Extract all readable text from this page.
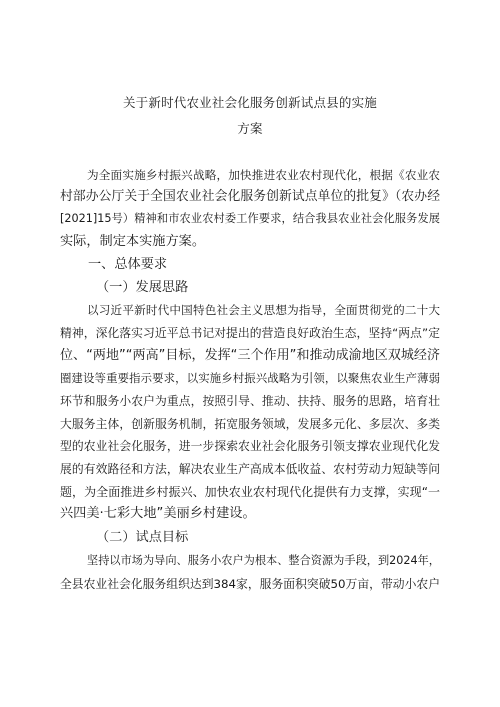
关于新时代农业社会化服务创新试点县的实施
方案
为全面实施乡村振兴战略，加快推进农业农村现代化，根据《农业农
村部办公厅关于全国农业社会化服务创新试点单位的批复》（农办经
[2021]15号）精神和市农业农村委工作要求，结合我县农业社会化服务发展
实际，制定本实施方案。
一、总体要求
（一）发展思路
以习近平新时代中国特色社会主义思想为指导，全面贯彻党的二十大
精神，深化落实习近平总书记对提出的营造良好政治生态，坚持“两点”定
位、“两地”“两高”目标，发挥“三个作用”和推动成渝地区双城经济
圈建设等重要指示要求，以实施乡村振兴战略为引领，以聚焦农业生产薄弱
环节和服务小农户为重点，按照引导、推动、扶持、服务的思路，培育壮
大服务主体，创新服务机制，拓宽服务领域，发展多元化、多层次、多类
型的农业社会化服务，进一步探索农业社会化服务引领支撑农业现代化发
展的有效路径和方法，解决农业生产高成本低收益、农村劳动力短缺等问
题，为全面推进乡村振兴、加快农业农村现代化提供有力支撑，实现“一
兴四美·七彩大地”美丽乡村建设。
（二）试点目标
坚持以市场为导向、服务小农户为根本、整合资源为手段，到2024年，
全县农业社会化服务组织达到384家，服务面积突破50万亩，带动小农户
